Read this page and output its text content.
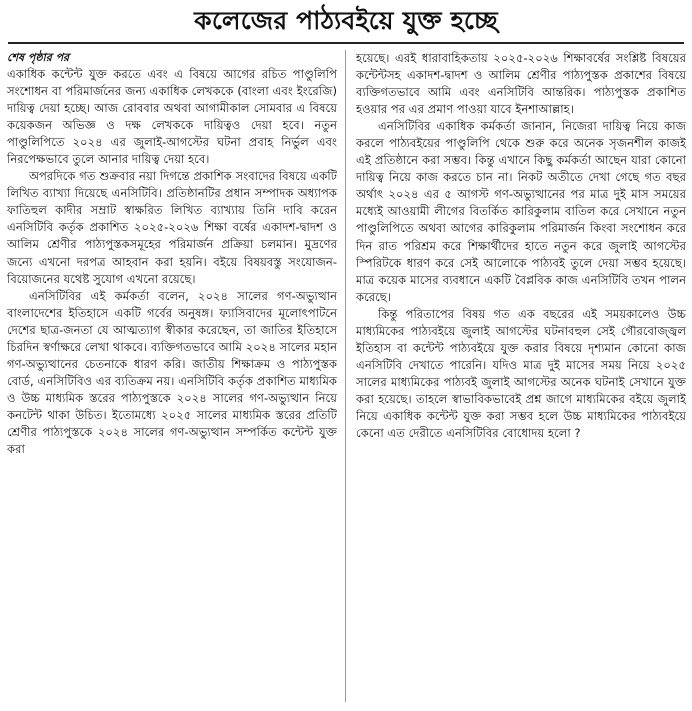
কলেজের পাঠ্যবইয়ে যুক্ত হচ্ছে

শেষ পৃষ্ঠার পর

একাধিক কন্টেন্ট যুক্ত করতে এবং এ বিষয়ে আগের রচিত পাণ্ডুলিপি সংশোধন বা পরিমার্জনের জন্য একাধিক লেখককে (বাংলা এবং ইংরেজি) দায়িত্ব দেয়া হচ্ছে। আজ রোববার অথবা আগামীকাল সোমবার এ বিষয়ে কয়েকজন অভিজ্ঞ ও দক্ষ লেখককে দায়িত্বও দেয়া হবে। নতুন পাণ্ডুলিপিতে ২০২৪ এর জুলাই-আগস্টের ঘটনা প্রবাহ নির্ভুল এবং নিরপেক্ষভাবে তুলে আনার দায়িত্ব দেয়া হবে।

অপরদিকে গত শুক্রবার নয়া দিগন্তে প্রকাশিক সংবাদের বিষয়ে একটি লিখিত ব্যাখ্যা দিয়েছে এনসিটিবি। প্রতিষ্ঠানটির প্রধান সম্পাদক অধ্যাপক ফাতিহুল কাদীর সম্রাট স্বাক্ষরিত লিখিত ব্যাখ্যায় তিনি দাবি করেন এনসিটিবি কর্তৃক প্রকাশিত ২০২৫-২০২৬ শিক্ষা বর্ষের একাদশ-দ্বাদশ ও আলিম শ্রেণীর পাঠ্যপুস্তকসমূহের পরিমার্জন প্রক্রিয়া চলমান। মুদ্রণের জন্যে এখনো দরপত্র আহবান করা হয়নি। বইয়ে বিষয়বস্তু সংযোজন-বিয়োজনের যথেষ্ট সুযোগ এখনো রয়েছে।

এনসিটিবির এই কর্মকর্তা বলেন, ২০২৪ সালের গণ-অভ্যুত্থান বাংলাদেশের ইতিহাসে একটি গর্বের অনুষঙ্গ। ফ্যাসিবাদের মূলোৎপাটনে দেশের ছাত্র-জনতা যে আত্মত্যাগ স্বীকার করেছেন, তা জাতির ইতিহাসে চিরদিন স্বর্ণাক্ষরে লেখা থাকবে। ব্যক্তিগতভাবে আমি ২০২৪ সালের মহান গণ-অভ্যুত্থানের চেতনাকে ধারণ করি। জাতীয় শিক্ষাক্রম ও পাঠ্যপুস্তক বোর্ড, এনসিটিবিও এর ব্যতিক্রম নয়। এনসিটিবি কর্তৃক প্রকাশিত মাধ্যমিক ও উচ্চ মাধ্যমিক স্তরের পাঠ্যপুস্তকে ২০২৪ সালের গণ-অভ্যুত্থান নিয়ে কনটেন্ট থাকা উচিত। ইতোমধ্যে ২০২৫ সালের মাধ্যমিক স্তরের প্রতিটি শ্রেণীর পাঠ্যপুস্তকে ২০২৪ সালের গণ-অভ্যুত্থান সম্পর্কিত কন্টেন্ট যুক্ত করা

হয়েছে। এরই ধারাবাহিকতায় ২০২৫-২০২৬ শিক্ষাবর্ষের সংশ্লিষ্ট বিষয়ের কন্টেন্টসহ একাদশ-দ্বাদশ ও আলিম শ্রেণীর পাঠ্যপুস্তক প্রকাশের বিষয়ে ব্যক্তিগতভাবে আমি এবং এনসিটিবি আন্তরিক। পাঠ্যপুস্তক প্রকাশিত হওয়ার পর এর প্রমাণ পাওয়া যাবে ইনশাআল্লাহ।

এনসিটিবির একাধিক কর্মকর্তা জানান, নিজেরা দায়িত্ব নিয়ে কাজ করলে পাঠ্যবইয়ের পাণ্ডুলিপি থেকে শুরু করে অনেক সৃজনশীল কাজই এই প্রতিষ্ঠানে করা সম্ভব। কিন্তু এখানে কিছু কর্মকর্তা আছেন যারা কোনো দায়িত্ব নিয়ে কাজ করতে চান না। নিকট অতীতে দেখা গেছে গত বছর অর্থাৎ ২০২৪ এর ৫ আগস্ট গণ-অভ্যুত্থানের পর মাত্র দুই মাস সময়ের মধ্যেই আওয়ামী লীগের বিতর্কিত কারিকুলাম বাতিল করে সেখানে নতুন পাণ্ডুলিপিতে অথবা আগের কারিকুলাম পরিমার্জন কিংবা সংশোধন করে দিন রাত পরিশ্রম করে শিক্ষার্থীদের হাতে নতুন করে জুলাই আগস্টের স্পিরিটকে ধারণ করে সেই আলোকে পাঠ্যবই তুলে দেয়া সম্ভব হয়েছে। মাত্র কয়েক মাসের ব্যবধানে একটি বৈপ্লবিক কাজ এনসিটিবি তখন পালন করেছে।

কিন্তু পরিতাপের বিষয় গত এক বছরের এই সময়কালেও উচ্চ মাধ্যমিকের পাঠ্যবইয়ে জুলাই আগস্টের ঘটনাবহুল সেই গৌরবোজ্জ্বল ইতিহাস বা কন্টেন্ট পাঠ্যবইয়ে যুক্ত করার বিষয়ে দৃশ্যমান কোনো কাজ এনসিটিবি দেখাতে পারেনি। যদিও মাত্র দুই মাসের সময় নিয়ে ২০২৫ সালের মাধ্যমিকের পাঠ্যবই জুলাই আগস্টের অনেক ঘটনাই সেখানে যুক্ত করা হয়েছে। তাহলে স্বাভাবিকভাবেই প্রশ্ন জাগে মাধ্যমিকের বইয়ে জুলাই নিয়ে একাধিক কন্টেন্ট যুক্ত করা সম্ভব হলে উচ্চ মাধ্যমিকের পাঠ্যবইয়ে কেনো এত দেরীতে এনসিটিবির বোধোদয় হলো ?
